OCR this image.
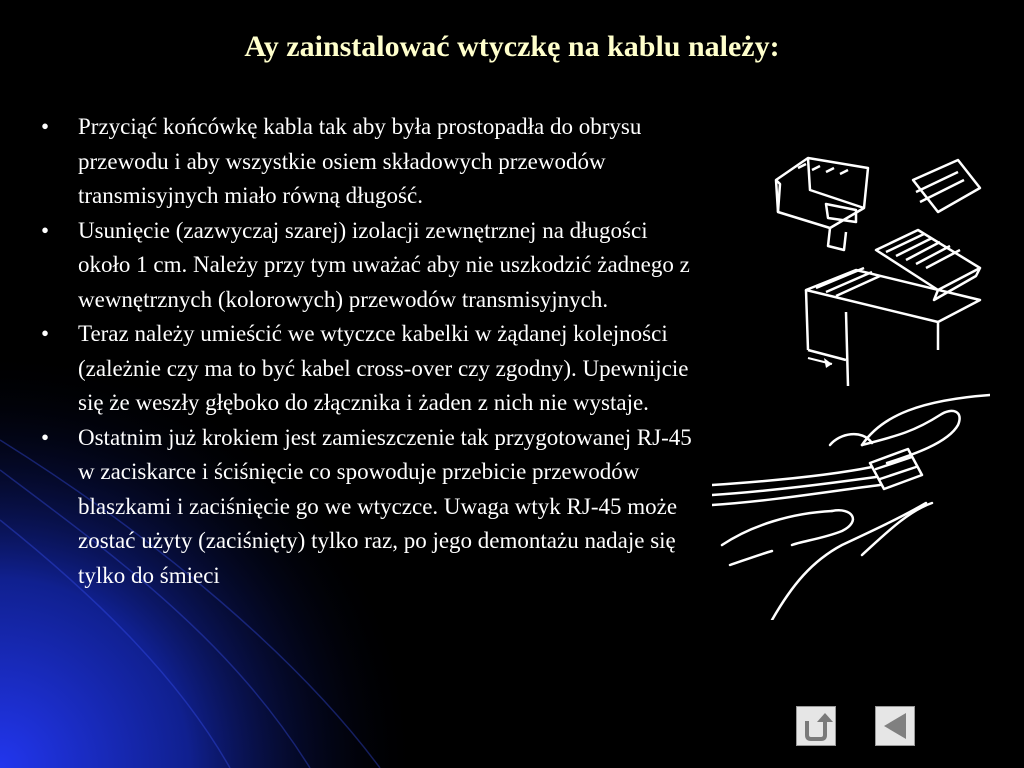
Ay zainstalować wtyczkę na kablu należy:
•	Przyciąć końcówkę kabla tak aby była prostopadła do obrysu przewodu i aby wszystkie osiem składowych przewodów transmisyjnych miało równą długość.
•	Usunięcie (zazwyczaj szarej) izolacji zewnętrznej na długości około 1 cm. Należy przy tym uważać aby nie uszkodzić żadnego z wewnętrznych (kolorowych) przewodów transmisyjnych.
•	Teraz należy umieścić we wtyczce kabelki w żądanej kolejności (zależnie czy ma to być kabel cross-over czy zgodny). Upewnijcie się że weszły głęboko do złącznika i żaden z nich nie wystaje.
•	Ostatnim już krokiem jest zamieszczenie tak przygotowanej RJ-45 w zaciskarce i ściśnięcie co spowoduje przebicie przewodów blaszkami i zaciśnięcie go we wtyczce. Uwaga wtyk RJ-45 może zostać użyty (zaciśnięty) tylko raz, po jego demontażu nadaje się tylko do śmieci
